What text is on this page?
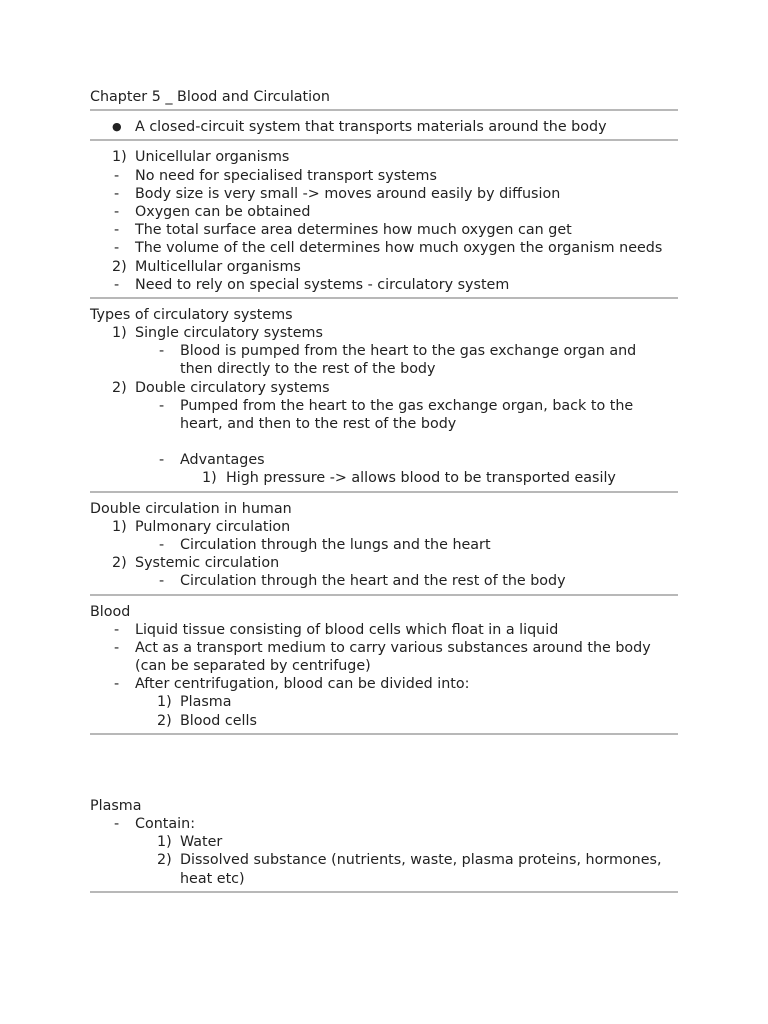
Chapter 5 _ Blood and Circulation
● A closed-circuit system that transports materials around the body
1) Unicellular organisms
- No need for specialised transport systems
- Body size is very small -> moves around easily by diffusion
- Oxygen can be obtained
- The total surface area determines how much oxygen can get
- The volume of the cell determines how much oxygen the organism needs
2) Multicellular organisms
- Need to rely on special systems - circulatory system
Types of circulatory systems
1) Single circulatory systems
- Blood is pumped from the heart to the gas exchange organ and
then directly to the rest of the body
2) Double circulatory systems
- Pumped from the heart to the gas exchange organ, back to the
heart, and then to the rest of the body
- Advantages
1) High pressure -> allows blood to be transported easily
Double circulation in human
1) Pulmonary circulation
- Circulation through the lungs and the heart
2) Systemic circulation
- Circulation through the heart and the rest of the body
Blood
- Liquid tissue consisting of blood cells which float in a liquid
- Act as a transport medium to carry various substances around the body
(can be separated by centrifuge)
- After centrifugation, blood can be divided into:
1) Plasma
2) Blood cells
Plasma
- Contain:
1) Water
2) Dissolved substance (nutrients, waste, plasma proteins, hormones,
heat etc)
